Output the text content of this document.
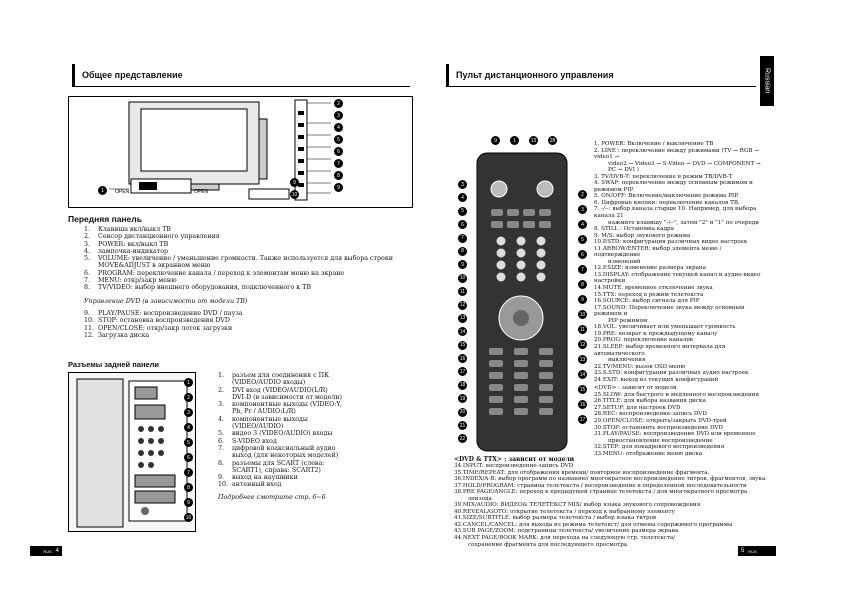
Общее представление
OPEN	OPEN
2
3
4
5
6
7
8
9
1
9
10
Передняя панель
1. Клавиша вкл/выкл ТВ
2. Сенсор дистанционного управления
3. POWER: вкл/выкл ТВ
4. лампочка-индикатор
5. VOLUME: увеличение / уменьшение громкости. Также используется для выбора строки
MOVE&ADJUST в экранном меню
6. PROGRAM: переключение канала / переход к элементам меню на экране
7. MENU: откр/закр меню
8. TV/VIDEO: выбор внешнего оборудования, подключенного к ТВ
Управление DVD (в зависимости от модели ТВ)
9. PLAY/PAUSE: воспроизведение DVD / пауза
10. STOP: остановка воспроизведения DVD
11. OPEN/CLOSE: откр/закр лоток загрузки
12. Загрузка диска
Разъемы задней панели
1
2
3
4
5
6
7
8
9
10
1. разъем для соединения с ПК
(VIDEO/AUDIO входы)
2. DVI вход (VIDEO/AUDIO(L/R)
DVI-D (в зависимости от модели)
3. компонентные выходы (VIDEO:Y,
Pb, Pr / AUDIO:L/R)
4. компонентные выходы
(VIDEO/AUDIO)
5. видео 3 (VIDEO/AUDIO) входы
6. S-VIDEO вход
7. цифровой коаксиальный аудио
выход (для некоторых моделей)
8. разъемы для SCART (слева:
SCART1), справа: SCART2)
9. выход на наушники
10. антенный вход
Подробнее смотрите стр. 6~6
RUS 4
Пульт дистанционного управления	Russian
9	1	13	28
3
4
5
6
7
8
9
10
11
12
13
14
15
16
17
18
19
20
21
22
2
3
4
5
6
7
8
9
10
11
12
13
14
15
16
17
1. POWER: Включение / выключение ТВ
2. LINE : переключение между режимами (TV → RGB → video1 →
video2 → Video3 → S-Video → DVD → COMPONENT → PC → DVI )
3. TV/DVB-T: переключение в режим ТВ/DVB-T
4. SWAP: переключение между основным режимом и режимом PIP.
5. ON/OFF: Включение/выключение режима PIP.
6. Цифровые кнопки: переключение каналов ТВ.
7. -/--: выбор канала старше 10. Например, для выбора канала 21
нажмите клавишу "-/--", затем "2" и "1" по очереди
8. STILL : Остановка кадра
9. M/S: выбор звукового режима
10.P.STD: конфигурация различных видео настроек
11.ARROW/ENTER: выбор элемента меню / подтверждение
изменений
12.P.SIZE: изменение размера экрана
13.DISPLAY: отображение текущей канал и аудио-видео настройки
14.MUTE: временное отключение звука
15.TTX: переход в режим телетекста
16.SOURCE: выбор сигнала для PIP
17.SOUND: Переключение звука между основным режимом и
PIP режимом
18.VOL: увеличивает или уменьшает громкость
19.PRE: возврат к преждыдущему каналу
20.PROG: переключение каналов
21.SLEEP: выбор временного интервала для автоматического
выключения
22.TV/MENU: вызов OSD меню
23.S.STD: конфигурация различных аудио настроек
24.EXIT: выход из текущих конфигураций
<DVD> : зависит от модели
25.SLOW: для быстрого и медленного воспроизведения
26.TITLE: для выбора названия диска
27.SETUP: для настроек DVD
28.REC: воспроизведение-запись DVD
29.OPEN/CLOSE: открыть/закрыть DVD-трей
30.STOP: остановить воспроизведение DVD
31.PLAY/PAUSE: воспроизведение DVD или временное
приостановление воспроизведение
32.STEP: для покадрового воспроизведения
33.MENU: отображение меню диска
<DVD & TTX> : зависит от модели
34.INPUT: воспроизведение-запись DVD
35.TIME/REPEAT: для отображения времени/ повторное воспроизведение фрагмента.
36.INDEX/A-B: выбор программ по названию/ многократное воспроизведение титров, фрагментов, звука
37.HOLD/PROGRAM: страница телетекста / воспроизведение в определенной последовательности
38.PRE PAGE/ANGLE: переход к предыдущей странице телетекста / для многократного просмотра
эпизода
39.MIX/AUDIO: ВИДЕО& ТЕЛЕТЕКСТ МIX/ выбор языка звукового сопровождения
40.REVEAL/GOTO: открытие телетекста / переход к выбранному элементу
41.SIZE/SUBTITLE: выбор размера телетекста / выбор языка титров
42.CANCEL/CANCEL: для выхода из режима телетекст/ для отмены содержимого программы
43.SUB PAGE/ZOOM: подстраницы телетекста/ увеличение размера экрана
44.NEXT PAGE/BOOK MARK: для перехода на следующую стр. телетекста/
сохранение фрагмента для последующего просмотра
5 RUS
